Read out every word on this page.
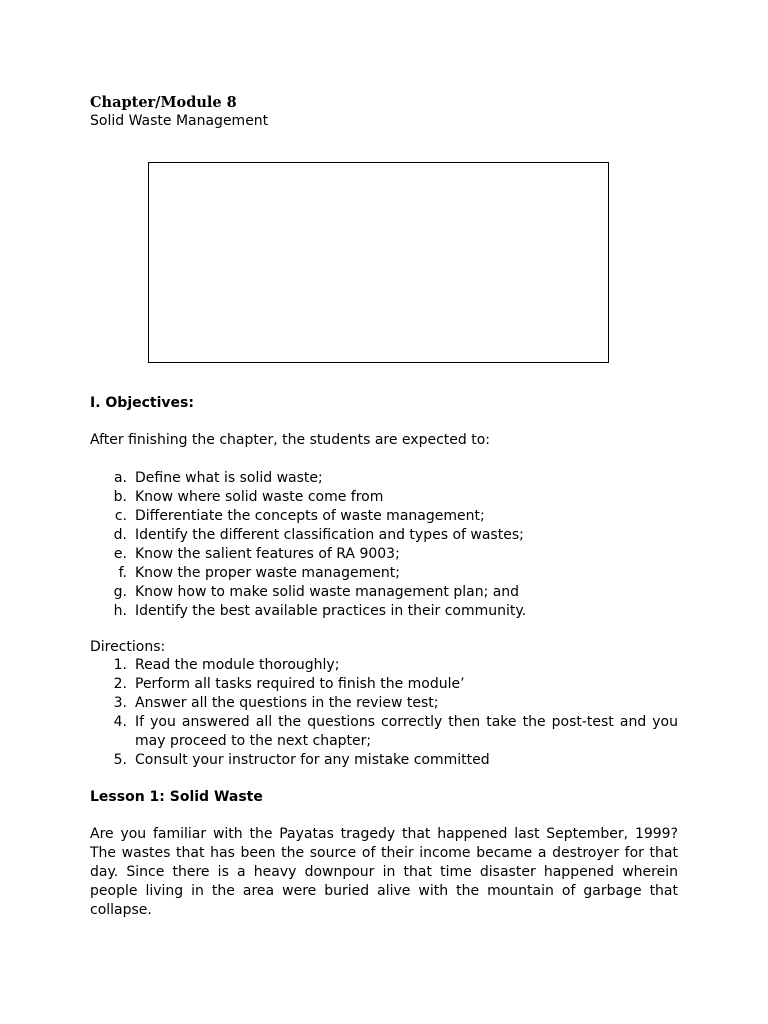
Chapter/Module 8

Solid Waste Management

I. Objectives:

After finishing the chapter, the students are expected to:

a. Define what is solid waste;
b. Know where solid waste come from
c. Differentiate the concepts of waste management;
d. Identify the different classification and types of wastes;
e. Know the salient features of RA 9003;
f. Know the proper waste management;
g. Know how to make solid waste management plan; and
h. Identify the best available practices in their community.

Directions:

1. Read the module thoroughly;
2. Perform all tasks required to finish the module’
3. Answer all the questions in the review test;
4. If you answered all the questions correctly then take the post-test and you may proceed to the next chapter;
5. Consult your instructor for any mistake committed

Lesson 1: Solid Waste

Are you familiar with the Payatas tragedy that happened last September, 1999? The wastes that has been the source of their income became a destroyer for that day. Since there is a heavy downpour in that time disaster happened wherein people living in the area were buried alive with the mountain of garbage that collapse.
